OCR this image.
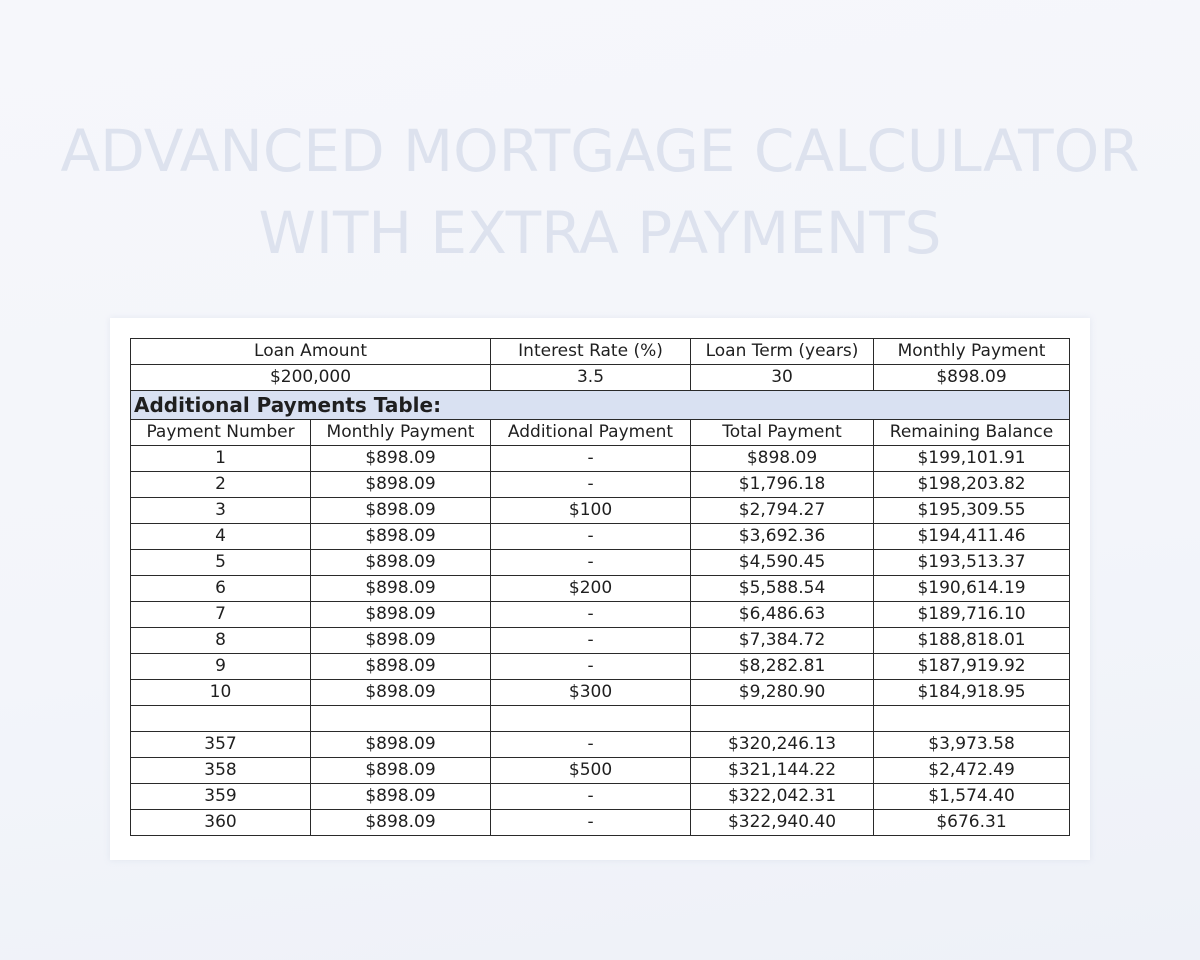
ADVANCED MORTGAGE CALCULATOR
WITH EXTRA PAYMENTS
Loan Amount		Interest Rate (%)	Loan Term (years)	Monthly Payment
$200,000		3.5	30	$898.09
Additional Payments Table:				
Payment Number	Monthly Payment	Additional Payment	Total Payment	Remaining Balance
1	$898.09	-	$898.09	$199,101.91
2	$898.09	-	$1,796.18	$198,203.82
3	$898.09	$100	$2,794.27	$195,309.55
4	$898.09	-	$3,692.36	$194,411.46
5	$898.09	-	$4,590.45	$193,513.37
6	$898.09	$200	$5,588.54	$190,614.19
7	$898.09	-	$6,486.63	$189,716.10
8	$898.09	-	$7,384.72	$188,818.01
9	$898.09	-	$8,282.81	$187,919.92
10	$898.09	$300	$9,280.90	$184,918.95

357	$898.09	-	$320,246.13	$3,973.58
358	$898.09	$500	$321,144.22	$2,472.49
359	$898.09	-	$322,042.31	$1,574.40
360	$898.09	-	$322,940.40	$676.31
